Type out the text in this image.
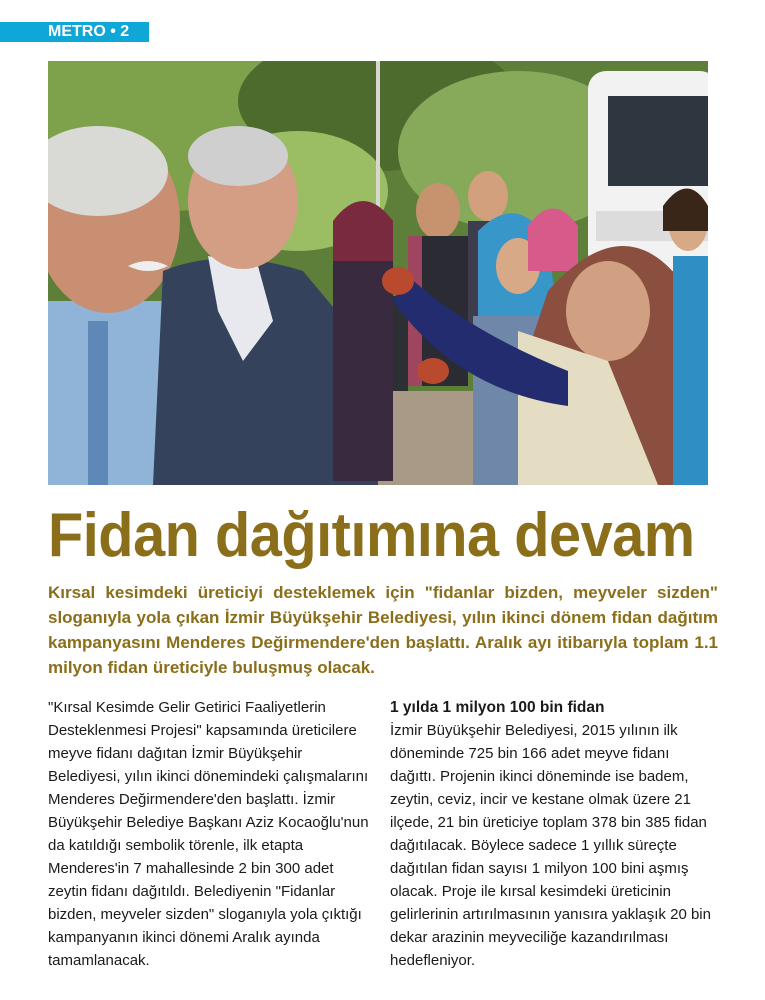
METRO • 2
Fidan dağıtımına devam
Kırsal kesimdeki üreticiyi desteklemek için "fidanlar bizden, meyveler sizden" sloganıyla yola çıkan İzmir Büyükşehir Belediyesi, yılın ikinci dönem fidan dağıtım kampanyasını Menderes Değirmendere'den başlattı. Aralık ayı itibarıyla toplam 1.1 milyon fidan üreticiyle buluşmuş olacak.

"Kırsal Kesimde Gelir Getirici Faaliyetlerin Desteklenmesi Projesi" kapsamında üreticilere meyve fidanı dağıtan İzmir Büyükşehir Belediyesi, yılın ikinci dönemindeki çalışmalarını Menderes Değirmendere'den başlattı. İzmir Büyükşehir Belediye Başkanı Aziz Kocaoğlu'nun da katıldığı sembolik törenle, ilk etapta Menderes'in 7 mahallesinde 2 bin 300 adet zeytin fidanı dağıtıldı. Belediyenin "Fidanlar bizden, meyveler sizden" sloganıyla yola çıktığı kampanyanın ikinci dönemi Aralık ayında tamamlanacak.

1 yılda 1 milyon 100 bin fidan

İzmir Büyükşehir Belediyesi, 2015 yılının ilk döneminde 725 bin 166 adet meyve fidanı dağıttı. Projenin ikinci döneminde ise badem, zeytin, ceviz, incir ve kestane olmak üzere 21 ilçede, 21 bin üreticiye toplam 378 bin 385 fidan dağıtılacak. Böylece sadece 1 yıllık süreçte dağıtılan fidan sayısı 1 milyon 100 bini aşmış olacak. Proje ile kırsal kesimdeki üreticinin gelirlerinin artırılmasının yanısıra yaklaşık 20 bin dekar arazinin meyveciliğe kazandırılması hedefleniyor.
